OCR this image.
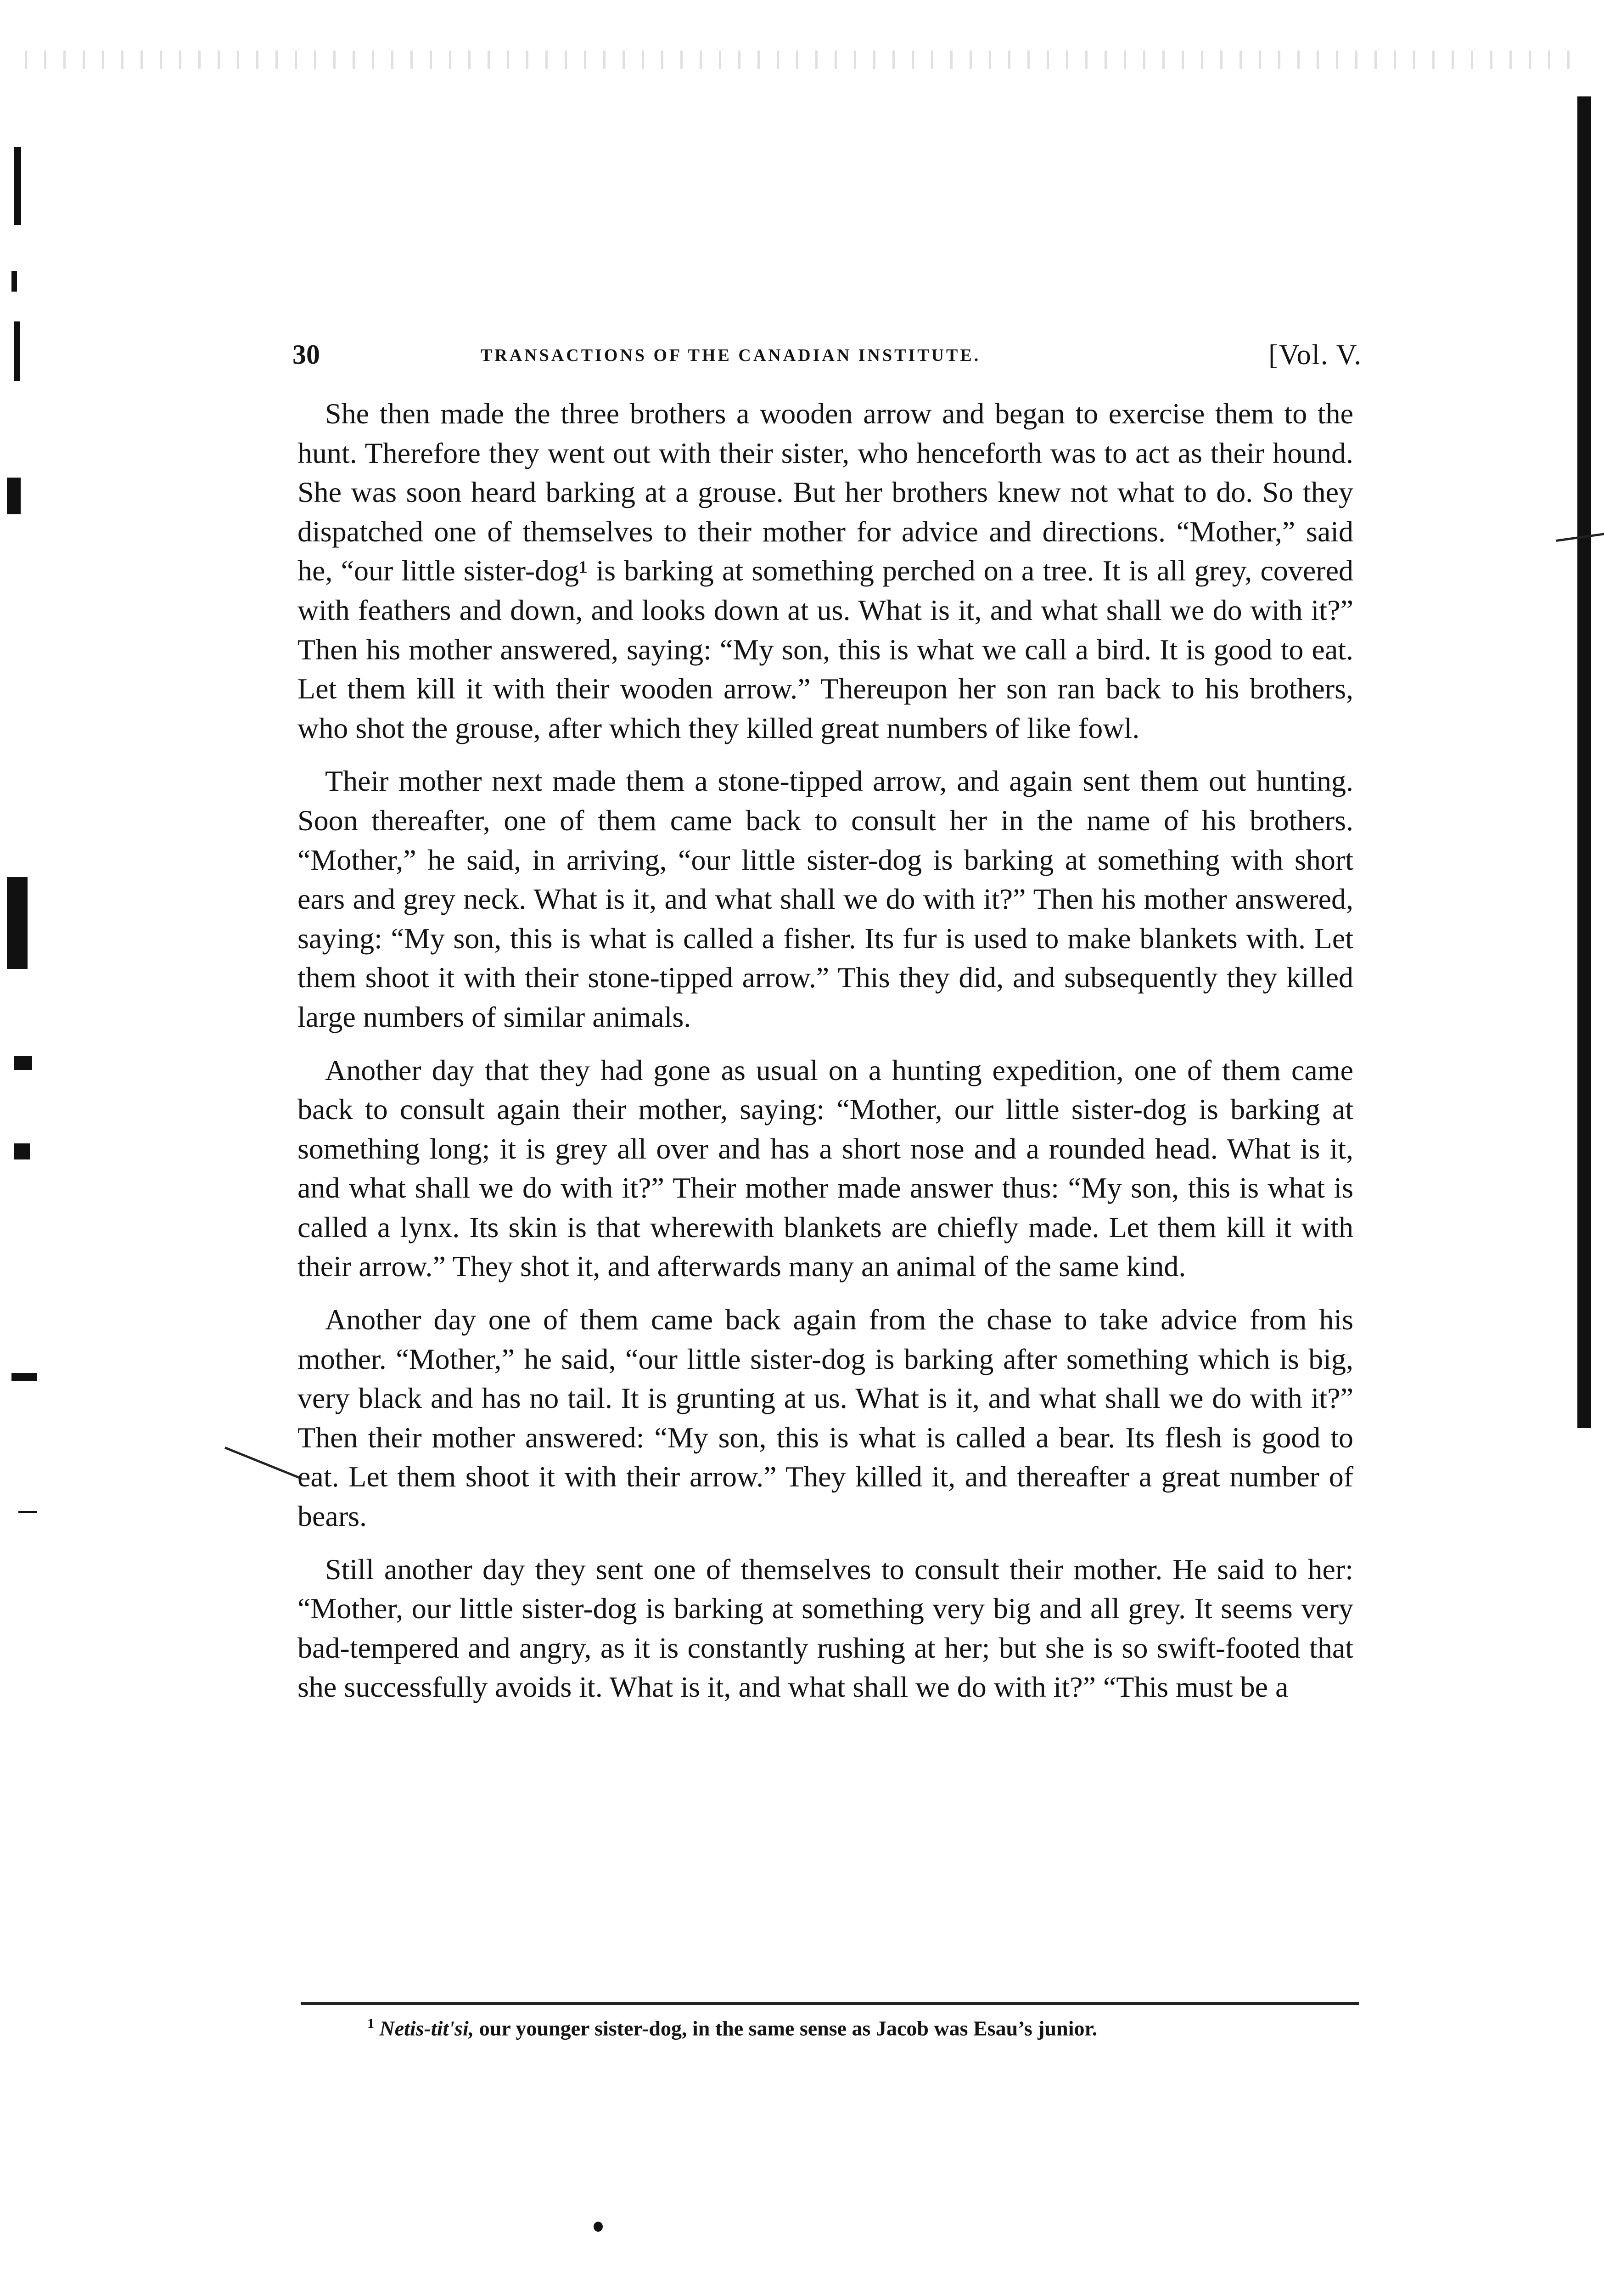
30	TRANSACTIONS OF THE CANADIAN INSTITUTE.	[Vol. V.

She then made the three brothers a wooden arrow and began to exercise them to the hunt. Therefore they went out with their sister, who henceforth was to act as their hound. She was soon heard barking at a grouse. But her brothers knew not what to do. So they dispatched one of themselves to their mother for advice and directions. “Mother,” said he, “our little sister-dog¹ is barking at something perched on a tree. It is all grey, covered with feathers and down, and looks down at us. What is it, and what shall we do with it?” Then his mother answered, saying: “My son, this is what we call a bird. It is good to eat. Let them kill it with their wooden arrow.” Thereupon her son ran back to his brothers, who shot the grouse, after which they killed great numbers of like fowl.

Their mother next made them a stone-tipped arrow, and again sent them out hunting. Soon thereafter, one of them came back to consult her in the name of his brothers. “Mother,” he said, in arriving, “our little sister-dog is barking at something with short ears and grey neck. What is it, and what shall we do with it?” Then his mother answered, saying: “My son, this is what is called a fisher. Its fur is used to make blankets with. Let them shoot it with their stone-tipped arrow.” This they did, and subsequently they killed large numbers of similar animals.

Another day that they had gone as usual on a hunting expedition, one of them came back to consult again their mother, saying: “Mother, our little sister-dog is barking at something long; it is grey all over and has a short nose and a rounded head. What is it, and what shall we do with it?” Their mother made answer thus: “My son, this is what is called a lynx. Its skin is that wherewith blankets are chiefly made. Let them kill it with their arrow.” They shot it, and afterwards many an animal of the same kind.

Another day one of them came back again from the chase to take advice from his mother. “Mother,” he said, “our little sister-dog is barking after something which is big, very black and has no tail. It is grunting at us. What is it, and what shall we do with it?” Then their mother answered: “My son, this is what is called a bear. Its flesh is good to eat. Let them shoot it with their arrow.” They killed it, and thereafter a great number of bears.

Still another day they sent one of themselves to consult their mother. He said to her: “Mother, our little sister-dog is barking at something very big and all grey. It seems very bad-tempered and angry, as it is constantly rushing at her; but she is so swift-footed that she successfully avoids it. What is it, and what shall we do with it?” “This must be a

$^1$ Netis-tit'si, our younger sister-dog, in the same sense as Jacob was Esau’s junior.
